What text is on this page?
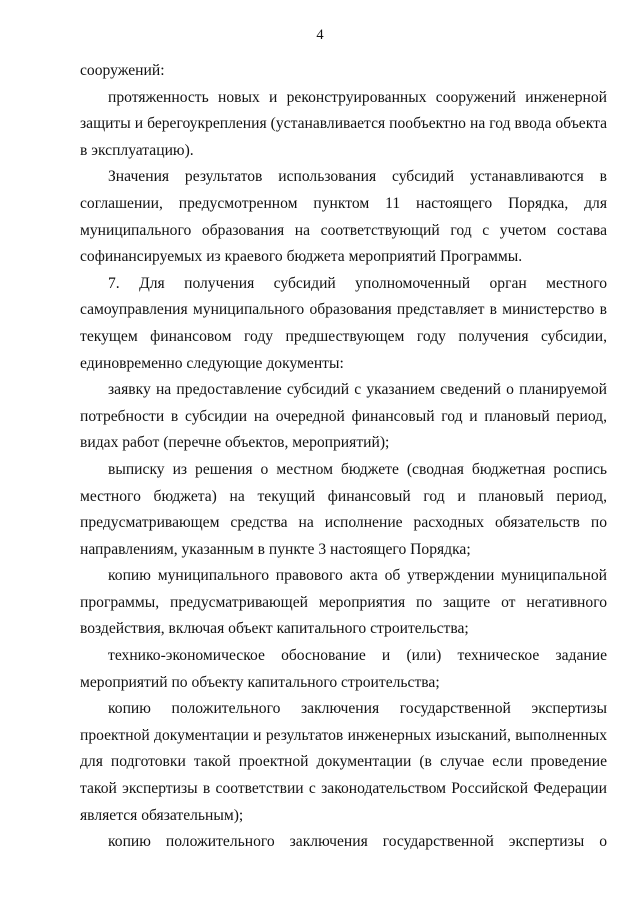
4

сооружений:

протяженность новых и реконструированных сооружений инженерной защиты и берегоукрепления (устанавливается пообъектно на год ввода объекта в эксплуатацию).

Значения результатов использования субсидий устанавливаются в соглашении, предусмотренном пунктом 11 настоящего Порядка, для муниципального образования на соответствующий год с учетом состава софинансируемых из краевого бюджета мероприятий Программы.

7. Для получения субсидий уполномоченный орган местного самоуправления муниципального образования представляет в министерство в текущем финансовом году предшествующем году получения субсидии, единовременно следующие документы:

заявку на предоставление субсидий с указанием сведений о планируемой потребности в субсидии на очередной финансовый год и плановый период, видах работ (перечне объектов, мероприятий);

выписку из решения о местном бюджете (сводная бюджетная роспись местного бюджета) на текущий финансовый год и плановый период, предусматривающем средства на исполнение расходных обязательств по направлениям, указанным в пункте 3 настоящего Порядка;

копию муниципального правового акта об утверждении муниципальной программы, предусматривающей мероприятия по защите от негативного воздействия, включая объект капитального строительства;

технико-экономическое обоснование и (или) техническое задание мероприятий по объекту капитального строительства;

копию положительного заключения государственной экспертизы проектной документации и результатов инженерных изысканий, выполненных для подготовки такой проектной документации (в случае если проведение такой экспертизы в соответствии с законодательством Российской Федерации является обязательным);

копию положительного заключения государственной экспертизы о
